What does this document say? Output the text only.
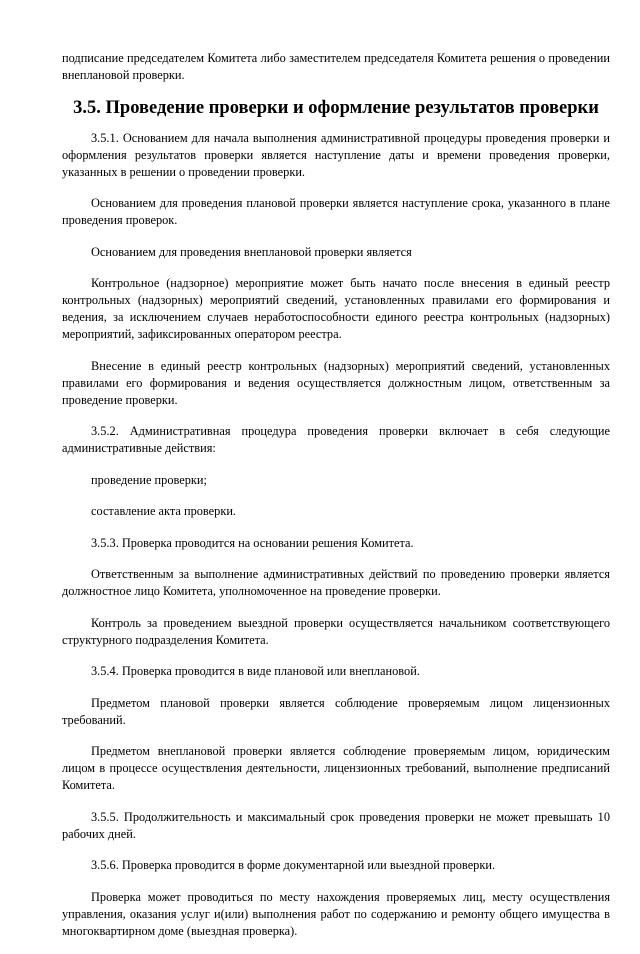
подписание председателем Комитета либо заместителем председателя Комитета решения о проведении внеплановой проверки.

3.5. Проведение проверки и оформление результатов проверки

3.5.1. Основанием для начала выполнения административной процедуры проведения проверки и оформления результатов проверки является наступление даты и времени проведения проверки, указанных в решении о проведении проверки.

Основанием для проведения плановой проверки является наступление срока, указанного в плане проведения проверок.

Основанием для проведения внеплановой проверки является

Контрольное (надзорное) мероприятие может быть начато после внесения в единый реестр контрольных (надзорных) мероприятий сведений, установленных правилами его формирования и ведения, за исключением случаев неработоспособности единого реестра контрольных (надзорных) мероприятий, зафиксированных оператором реестра.

Внесение в единый реестр контрольных (надзорных) мероприятий сведений, установленных правилами его формирования и ведения осуществляется должностным лицом, ответственным за проведение проверки.

3.5.2. Административная процедура проведения проверки включает в себя следующие административные действия:

проведение проверки;

составление акта проверки.

3.5.3. Проверка проводится на основании решения Комитета.

Ответственным за выполнение административных действий по проведению проверки является должностное лицо Комитета, уполномоченное на проведение проверки.

Контроль за проведением выездной проверки осуществляется начальником соответствующего структурного подразделения Комитета.

3.5.4. Проверка проводится в виде плановой или внеплановой.

Предметом плановой проверки является соблюдение проверяемым лицом лицензионных требований.

Предметом внеплановой проверки является соблюдение проверяемым лицом, юридическим лицом в процессе осуществления деятельности, лицензионных требований, выполнение предписаний Комитета.

3.5.5. Продолжительность и максимальный срок проведения проверки не может превышать 10 рабочих дней.

3.5.6. Проверка проводится в форме документарной или выездной проверки.

Проверка может проводиться по месту нахождения проверяемых лиц, месту осуществления управления, оказания услуг и(или) выполнения работ по содержанию и ремонту общего имущества в многоквартирном доме (выездная проверка).
